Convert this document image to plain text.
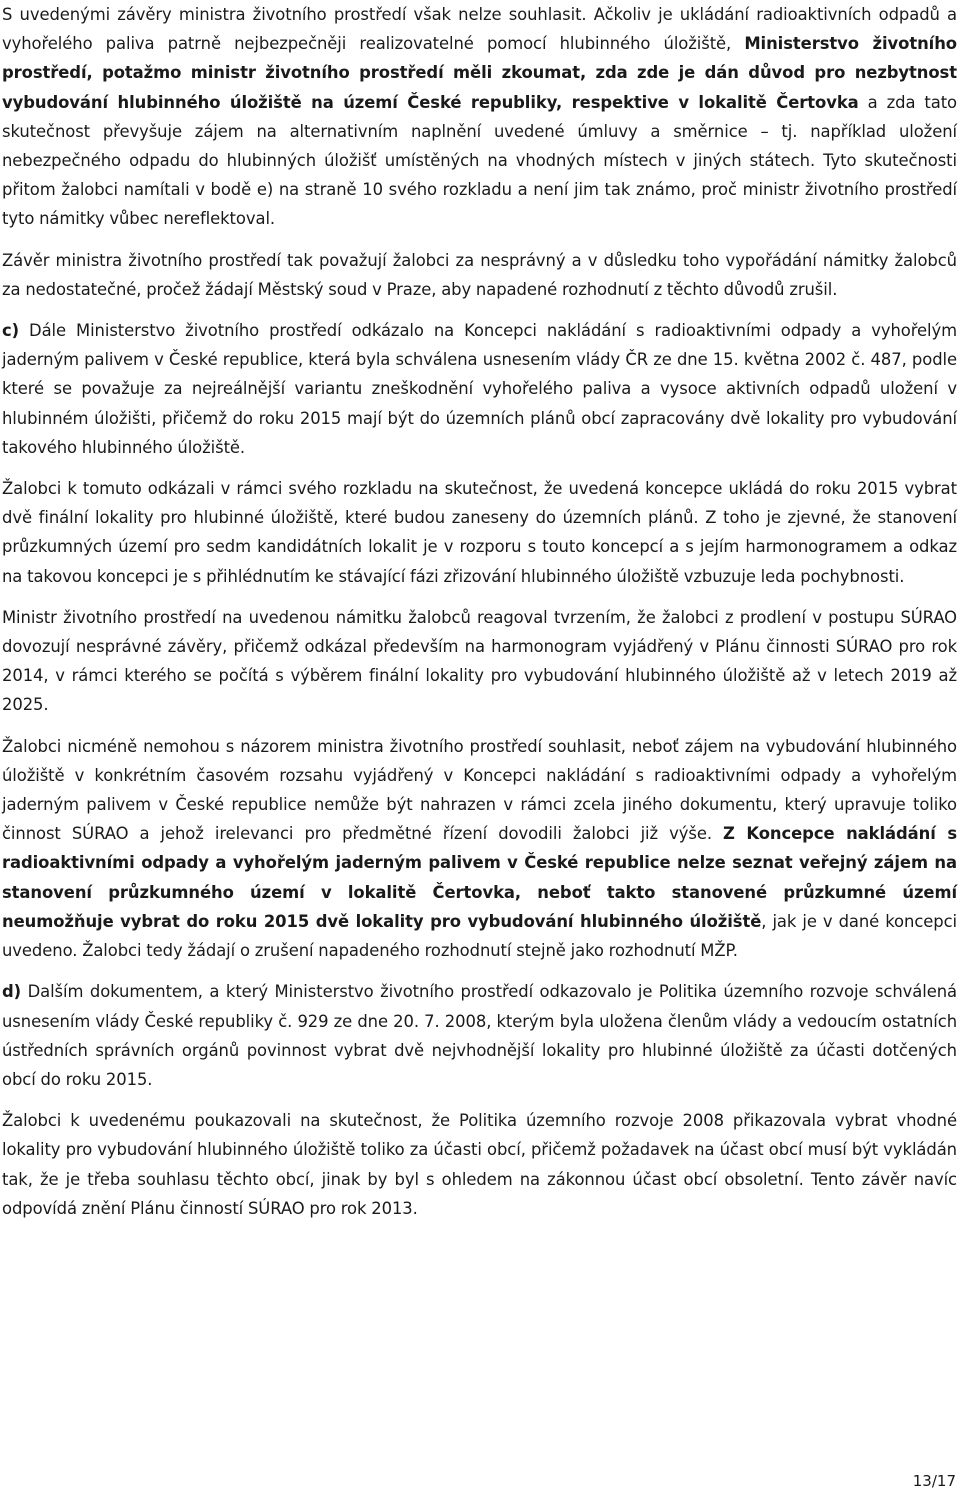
S uvedenými závěry ministra životního prostředí však nelze souhlasit. Ačkoliv je ukládání radioaktivních odpadů a vyhořelého paliva patrně nejbezpečněji realizovatelné pomocí hlubinného úložiště, Ministerstvo životního prostředí, potažmo ministr životního prostředí měli zkoumat, zda zde je dán důvod pro nezbytnost vybudování hlubinného úložiště na území České republiky, respektive v lokalitě Čertovka a zda tato skutečnost převyšuje zájem na alternativním naplnění uvedené úmluvy a směrnice – tj. například uložení nebezpečného odpadu do hlubinných úložišť umístěných na vhodných místech v jiných státech. Tyto skutečnosti přitom žalobci namítali v bodě e) na straně 10 svého rozkladu a není jim tak známo, proč ministr životního prostředí tyto námitky vůbec nereflektoval.

Závěr ministra životního prostředí tak považují žalobci za nesprávný a v důsledku toho vypořádání námitky žalobců za nedostatečné, pročež žádají Městský soud v Praze, aby napadené rozhodnutí z těchto důvodů zrušil.

c) Dále Ministerstvo životního prostředí odkázalo na Koncepci nakládání s radioaktivními odpady a vyhořelým jaderným palivem v České republice, která byla schválena usnesením vlády ČR ze dne 15. května 2002 č. 487, podle které se považuje za nejreálnější variantu zneškodnění vyhořelého paliva a vysoce aktivních odpadů uložení v hlubinném úložišti, přičemž do roku 2015 mají být do územních plánů obcí zapracovány dvě lokality pro vybudování takového hlubinného úložiště.

Žalobci k tomuto odkázali v rámci svého rozkladu na skutečnost, že uvedená koncepce ukládá do roku 2015 vybrat dvě finální lokality pro hlubinné úložiště, které budou zaneseny do územních plánů. Z toho je zjevné, že stanovení průzkumných území pro sedm kandidátních lokalit je v rozporu s touto koncepcí a s jejím harmonogramem a odkaz na takovou koncepci je s přihlédnutím ke stávající fázi zřizování hlubinného úložiště vzbuzuje leda pochybnosti.

Ministr životního prostředí na uvedenou námitku žalobců reagoval tvrzením, že žalobci z prodlení v postupu SÚRAO dovozují nesprávné závěry, přičemž odkázal především na harmonogram vyjádřený v Plánu činnosti SÚRAO pro rok 2014, v rámci kterého se počítá s výběrem finální lokality pro vybudování hlubinného úložiště až v letech 2019 až 2025.

Žalobci nicméně nemohou s názorem ministra životního prostředí souhlasit, neboť zájem na vybudování hlubinného úložiště v konkrétním časovém rozsahu vyjádřený v Koncepci nakládání s radioaktivními odpady a vyhořelým jaderným palivem v České republice nemůže být nahrazen v rámci zcela jiného dokumentu, který upravuje toliko činnost SÚRAO a jehož irelevanci pro předmětné řízení dovodili žalobci již výše. Z Koncepce nakládání s radioaktivními odpady a vyhořelým jaderným palivem v České republice nelze seznat veřejný zájem na stanovení průzkumného území v lokalitě Čertovka, neboť takto stanovené průzkumné území neumožňuje vybrat do roku 2015 dvě lokality pro vybudování hlubinného úložiště, jak je v dané koncepci uvedeno. Žalobci tedy žádají o zrušení napadeného rozhodnutí stejně jako rozhodnutí MŽP.

d) Dalším dokumentem, a který Ministerstvo životního prostředí odkazovalo je Politika územního rozvoje schválená usnesením vlády České republiky č. 929 ze dne 20. 7. 2008, kterým byla uložena členům vlády a vedoucím ostatních ústředních správních orgánů povinnost vybrat dvě nejvhodnější lokality pro hlubinné úložiště za účasti dotčených obcí do roku 2015.

Žalobci k uvedenému poukazovali na skutečnost, že Politika územního rozvoje 2008 přikazovala vybrat vhodné lokality pro vybudování hlubinného úložiště toliko za účasti obcí, přičemž požadavek na účast obcí musí být vykládán tak, že je třeba souhlasu těchto obcí, jinak by byl s ohledem na zákonnou účast obcí obsoletní. Tento závěr navíc odpovídá znění Plánu činností SÚRAO pro rok 2013.

13/17
